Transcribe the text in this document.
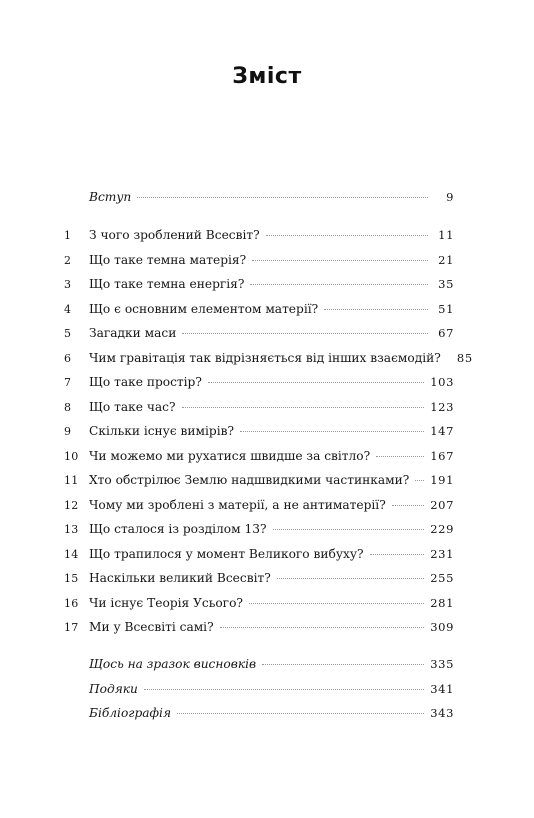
Зміст
Вступ	9
1	З чого зроблений Всесвіт?	11
2	Що таке темна матерія?	21
3	Що таке темна енергія?	35
4	Що є основним елементом матерії?	51
5	Загадки маси	67
6	Чим гравітація так відрізняється від інших взаємодій?	85
7	Що таке простір?	103
8	Що таке час?	123
9	Скільки існує вимірів?	147
10 Чи можемо ми рухатися швидше за світло?	167
11 Хто обстрілює Землю надшвидкими частинками? 191
12 Чому ми зроблені з матерії, а не антиматерії?	207
13 Що сталося із розділом 13?	229
14 Що трапилося у момент Великого вибуху?	231
15 Наскільки великий Всесвіт?	255
16 Чи існує Теорія Усього?	281
17 Ми у Всесвіті самі?	309
Щось на зразок висновків	335
Подяки	341
Бібліографія	343
